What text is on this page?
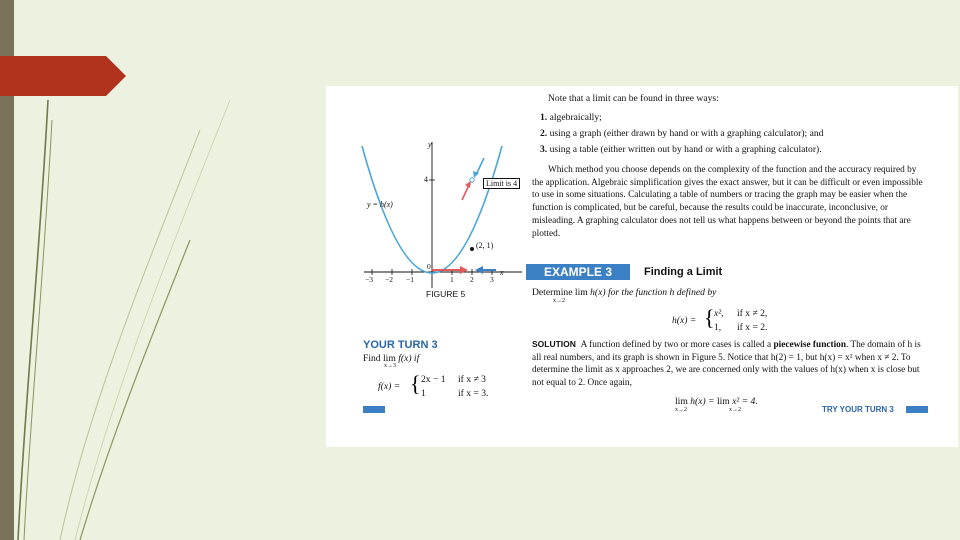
Note that a limit can be found in three ways:
1. algebraically;
2. using a graph (either drawn by hand or with a graphing calculator); and
3. using a table (either written out by hand or with a graphing calculator).
Which method you choose depends on the complexity of the function and the accuracy required by the application. Algebraic simplification gives the exact answer, but it can be difficult or even impossible to use in some situations. Calculating a table of numbers or tracing the graph may be easier when the function is complicated, but be careful, because the results could be inaccurate, inconclusive, or misleading. A graphing calculator does not tell us what happens between or beyond the points that are plotted.
y
x
4
y = h(x)
Limit is 4
(2, 1)
−3 −2 −1
0
1 2 3
FIGURE 5
EXAMPLE 3	Finding a Limit
Determine lim h(x) for the function h defined by
x→2
h(x) = { x², if x ≠ 2,
1, if x = 2.
SOLUTION A function defined by two or more cases is called a piecewise function. The domain of h is all real numbers, and its graph is shown in Figure 5. Notice that h(2) = 1, but h(x) = x² when x ≠ 2. To determine the limit as x approaches 2, we are concerned only with the values of h(x) when x is close but not equal to 2. Once again,
lim h(x) = lim x² = 4.
x→2	x→2	TRY YOUR TURN 3
YOUR TURN 3
Find lim f(x) if
x→3
f(x) = { 2x − 1 if x ≠ 3
1	if x = 3.
